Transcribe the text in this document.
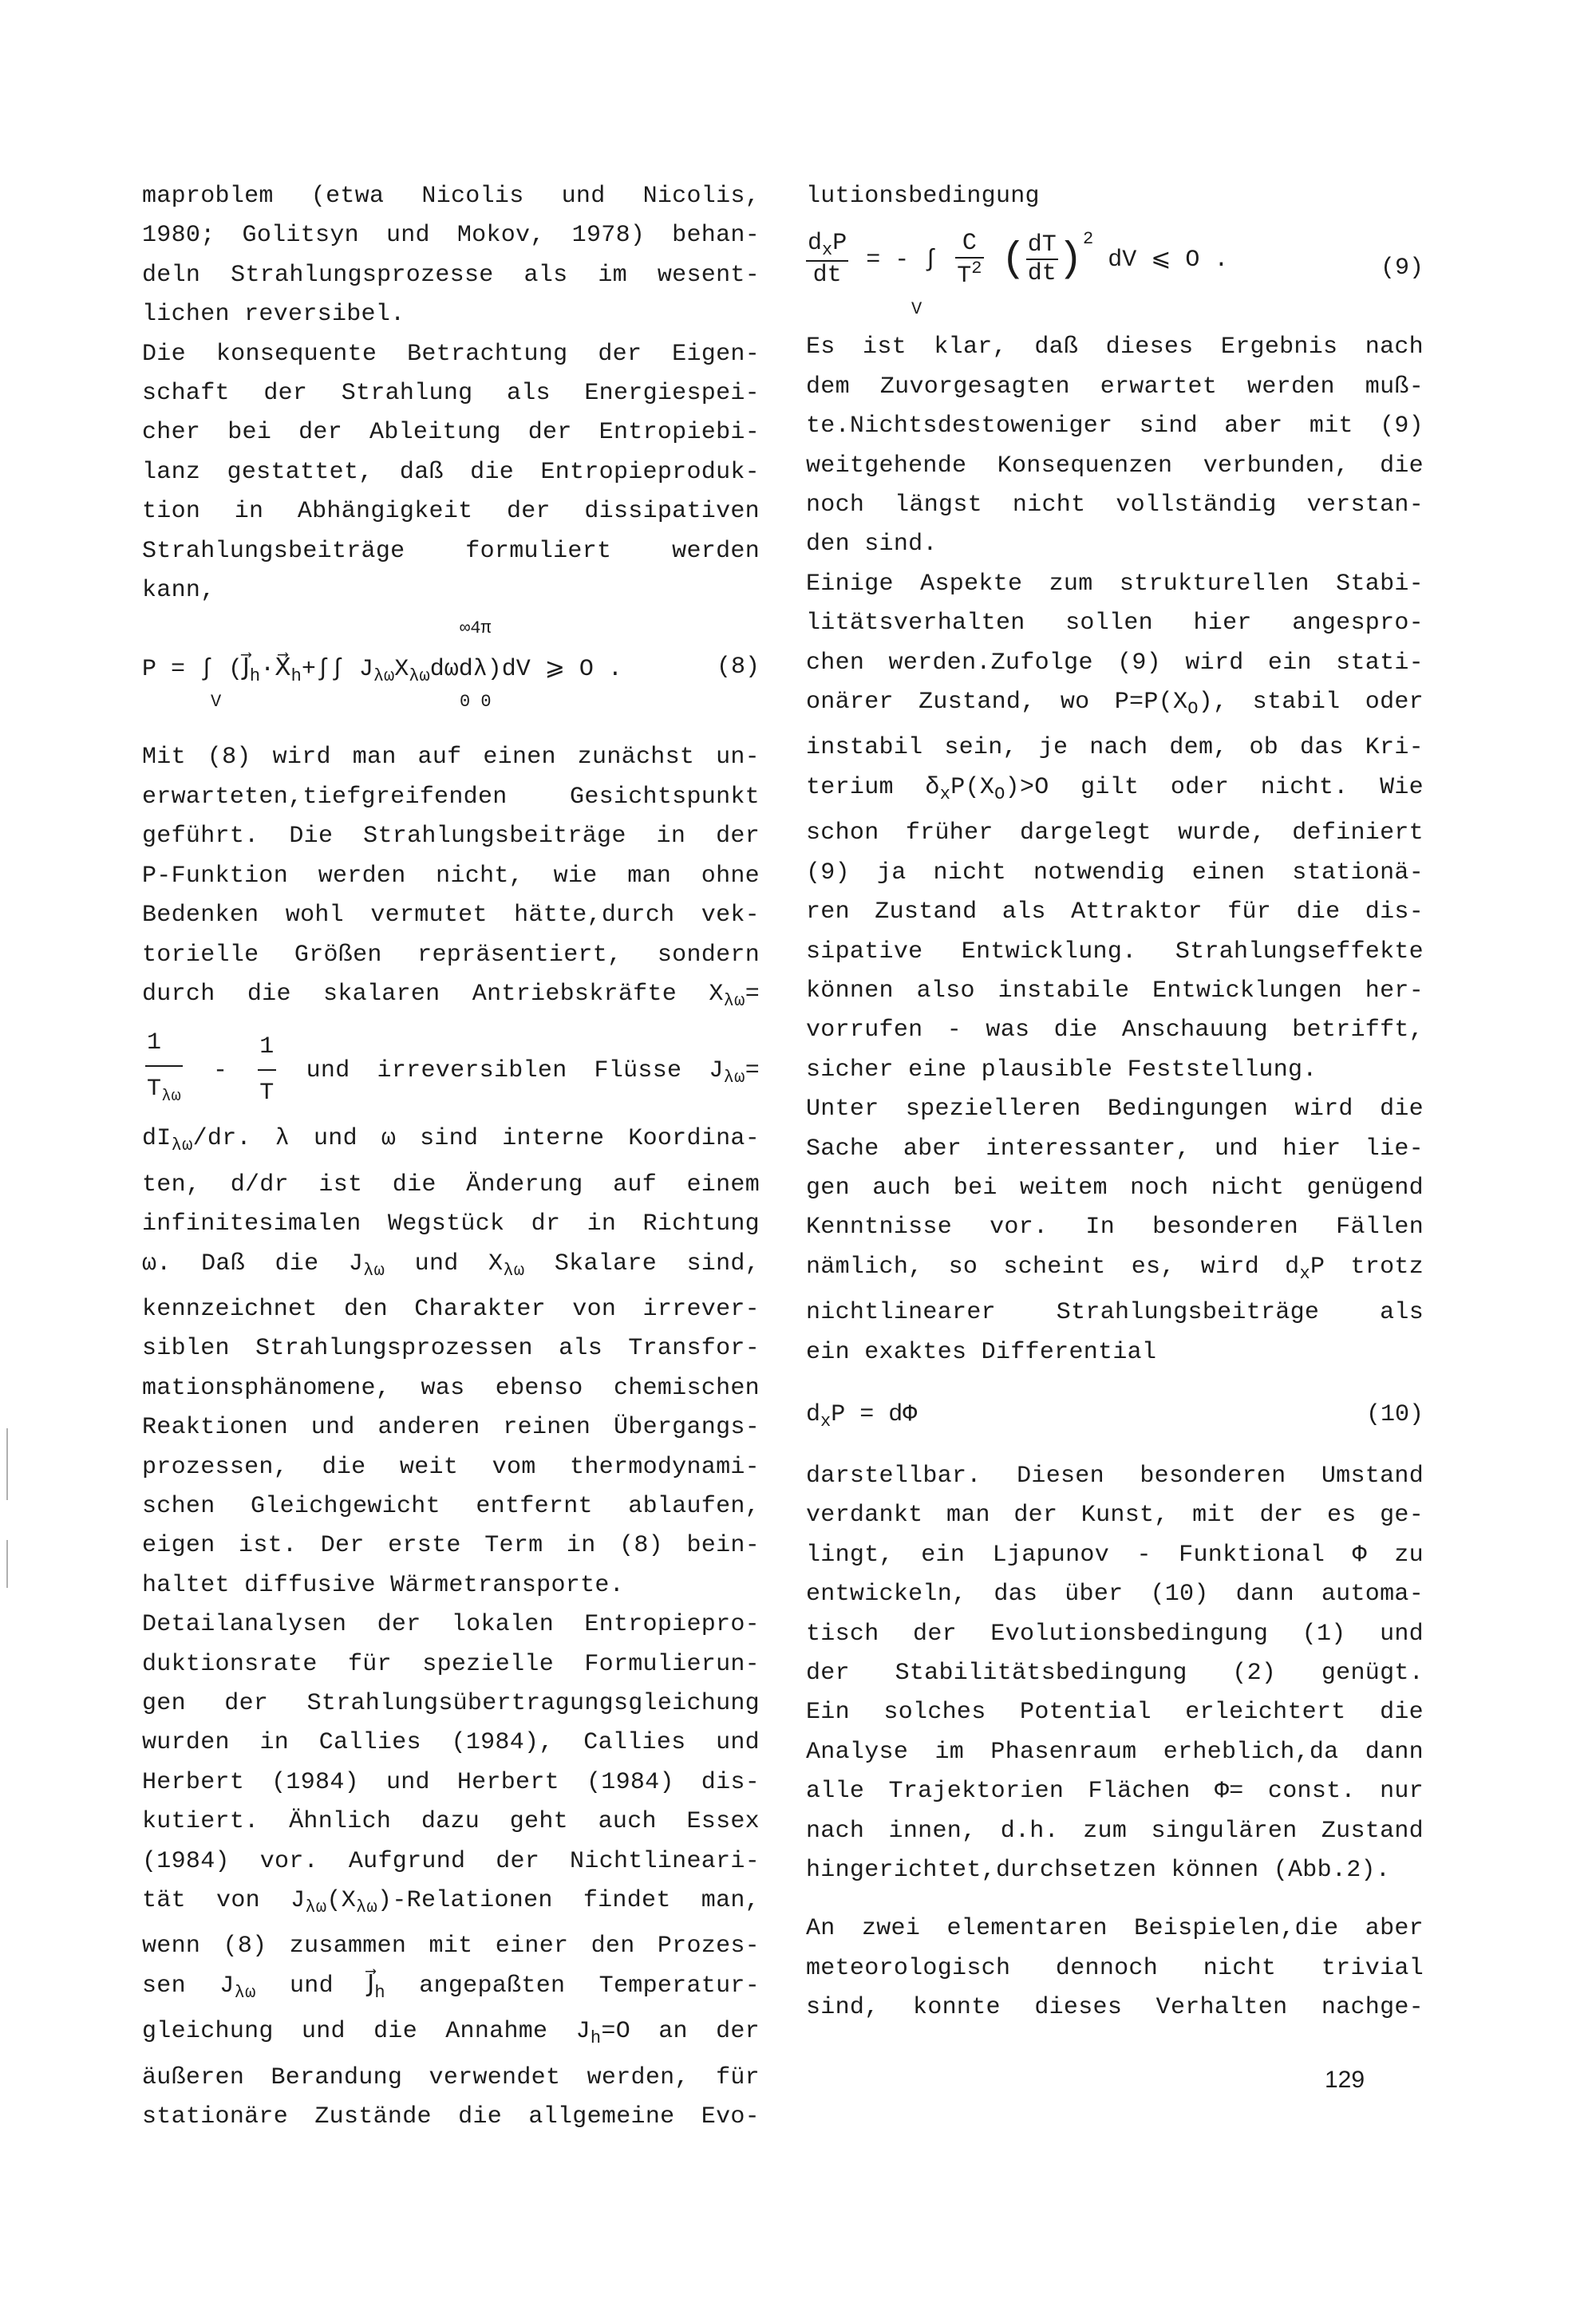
maproblem (etwa Nicolis und Nicolis,

1980; Golitsyn und Mokov, 1978) behan-

deln Strahlungsprozesse als im wesent-

lichen reversibel.

Die konsequente Betrachtung der Eigen-

schaft der Strahlung als Energiespei-

cher bei der Ableitung der Entropiebi-

lanz gestattet, daß die Entropieproduk-

tion in Abhängigkeit der dissipativen

Strahlungsbeiträge formuliert werden

kann,

∞4π
P = ∫ ($J⃗_h\cdot X⃗_h+\int\int$ $J_{\lambda\omega}X_{\lambda\omega}d\omega d\lambda)dV$ ⩾ O .	(8)
V	0 0

Mit (8) wird man auf einen zunächst un-

erwarteten,tiefgreifenden Gesichtspunkt

geführt. Die Strahlungsbeiträge in der

P-Funktion werden nicht, wie man ohne

Bedenken wohl vermutet hätte,durch vek-

torielle Größen repräsentiert, sondern

durch die skalaren Antriebskräfte $X_{\lambda\omega}=$

$\frac{1}{T_{\lambda\omega}} - \frac{1}{T}$ und irreversiblen Flüsse $J_{\lambda\omega}=$

$dI_{\lambda\omega}/dr$. λ und ω sind interne Koordina-

ten, d/dr ist die Änderung auf einem

infinitesimalen Wegstück dr in Richtung

ω. Daß die $J_{\lambda\omega}$ und $X_{\lambda\omega}$ Skalare sind,

kennzeichnet den Charakter von irrever-

siblen Strahlungsprozessen als Transfor-

mationsphänomene, was ebenso chemischen

Reaktionen und anderen reinen Übergangs-

prozessen, die weit vom thermodynami-

schen Gleichgewicht entfernt ablaufen,

eigen ist. Der erste Term in (8) bein-

haltet diffusive Wärmetransporte.

Detailanalysen der lokalen Entropiepro-

duktionsrate für spezielle Formulierun-

gen der Strahlungsübertragungsgleichung

wurden in Callies (1984), Callies und

Herbert (1984) und Herbert (1984) dis-

kutiert. Ähnlich dazu geht auch Essex

(1984) vor. Aufgrund der Nichtlineari-

tät von $J_{\lambda\omega}(X_{\lambda\omega})$-Relationen findet man,

wenn (8) zusammen mit einer den Prozes-

sen $J_{\lambda\omega}$ und $J⃗_h$ angepaßten Temperatur-

gleichung und die Annahme $J_h=O$ an der

äußeren Berandung verwendet werden, für

stationäre Zustände die allgemeine Evo-

lutionsbedingung

$\frac{d_xP}{dt}$ = - ∫ $\frac{C}{T^2}$ ( $\frac{dT}{dt} )^2$ dV ⩽ O .	(9)
V

Es ist klar, daß dieses Ergebnis nach

dem Zuvorgesagten erwartet werden muß-

te.Nichtsdestoweniger sind aber mit (9)

weitgehende Konsequenzen verbunden, die

noch längst nicht vollständig verstan-

den sind.

Einige Aspekte zum strukturellen Stabi-

litätsverhalten sollen hier angespro-

chen werden.Zufolge (9) wird ein stati-

onärer Zustand, wo $P=P(X_O)$, stabil oder

instabil sein, je nach dem, ob das Kri-

terium $\delta_xP(X_O)>O$ gilt oder nicht. Wie

schon früher dargelegt wurde, definiert

(9) ja nicht notwendig einen stationä-

ren Zustand als Attraktor für die dis-

sipative Entwicklung. Strahlungseffekte

können also instabile Entwicklungen her-

vorrufen - was die Anschauung betrifft,

sicher eine plausible Feststellung.

Unter spezielleren Bedingungen wird die

Sache aber interessanter, und hier lie-

gen auch bei weitem noch nicht genügend

Kenntnisse vor. In besonderen Fällen

nämlich, so scheint es, wird $d_xP$ trotz

nichtlinearer Strahlungsbeiträge als

ein exaktes Differential

$d_xP = d\Phi$	(10)

darstellbar. Diesen besonderen Umstand

verdankt man der Kunst, mit der es ge-

lingt, ein Ljapunov - Funktional Φ zu

entwickeln, das über (10) dann automa-

tisch der Evolutionsbedingung (1) und

der Stabilitätsbedingung (2) genügt.

Ein solches Potential erleichtert die

Analyse im Phasenraum erheblich,da dann

alle Trajektorien Flächen Φ= const. nur

nach innen, d.h. zum singulären Zustand

hingerichtet,durchsetzen können (Abb.2).

An zwei elementaren Beispielen,die aber

meteorologisch dennoch nicht trivial

sind, konnte dieses Verhalten nachge-

129
